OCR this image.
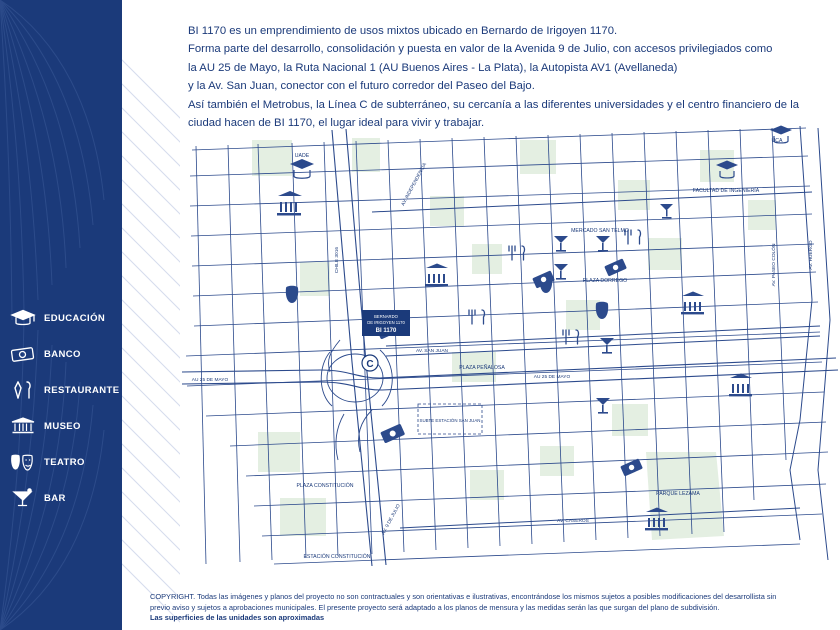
EDUCACIÓN
BANCO
RESTAURANTE
MUSEO
TEATRO
BAR

BI 1170 es un emprendimiento de usos mixtos ubicado en Bernardo de Irigoyen 1170.

Forma parte del desarrollo, consolidación y puesta en valor de la Avenida 9 de Julio, con accesos privilegiados como

la AU 25 de Mayo, la Ruta Nacional 1 (AU Buenos Aires - La Plata), la Autopista AV1 (Avellaneda)

y la Av. San Juan, conector con el futuro corredor del Paseo del Bajo.

Así también el Metrobus, la Línea C de subterráneo, su cercanía a las diferentes universidades y el centro financiero de la

ciudad hacen de BI 1170, el lugar ideal para vivir y trabajar.

BERNARDO
DE IRIGOYEN 1170
BI 1170
C
UADE
UCA
FACULTAD DE INGENIERÍA
MERCADO SAN TELMO
PLAZA DORREGO
PLAZA PEÑALOSA
PARQUE LEZAMA
PLAZA CONSTITUCIÓN
ESTACIÓN CONSTITUCIÓN
SUBTE ESTACIÓN SAN JUAN
AV. INDEPENDENCIA
AV. SAN JUAN
AU 25 DE MAYO
AU 25 DE MAYO
AV. CASEROS
CHILE 3016
AV. 9 DE JULIO
AV. PASEO COLÓN	AV. HUERGO
COPYRIGHT. Todas las imágenes y planos del proyecto no son contractuales y son orientativas e ilustrativas, encontrándose los mismos sujetos a posibles modificaciones del desarrollista sin
previo aviso y sujetos a aprobaciones municipales. El presente proyecto será adaptado a los planos de mensura y las medidas serán las que surgan del plano de subdivisión.
Las superficies de las unidades son aproximadas
